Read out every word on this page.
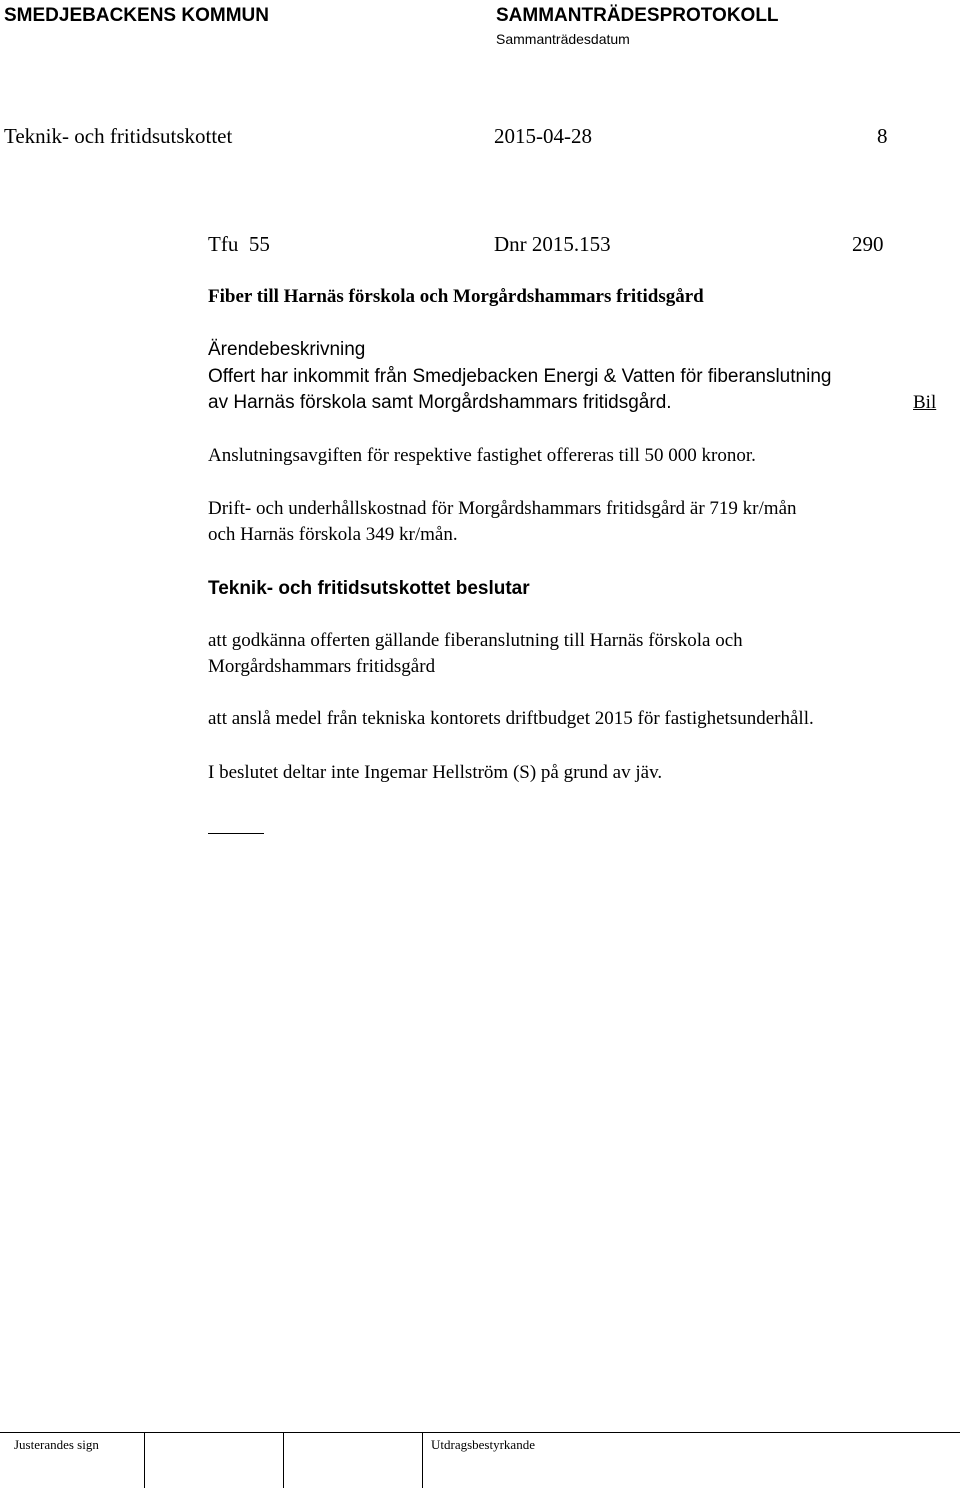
SMEDJEBACKENS KOMMUN	SAMMANTRÄDESPROTOKOLL
Sammanträdesdatum
Teknik- och fritidsutskottet	2015-04-28	8
Tfu  55	Dnr 2015.153	290
Fiber till Harnäs förskola och Morgårdshammars fritidsgård
Ärendebeskrivning
Offert har inkommit från Smedjebacken Energi & Vatten för fiberanslutning
av Harnäs förskola samt Morgårdshammars fritidsgård.	Bil
Anslutningsavgiften för respektive fastighet offereras till 50 000 kronor.
Drift- och underhållskostnad för Morgårdshammars fritidsgård är 719 kr/mån
och Harnäs förskola 349 kr/mån.
Teknik- och fritidsutskottet beslutar
att godkänna offerten gällande fiberanslutning till Harnäs förskola och
Morgårdshammars fritidsgård
att anslå medel från tekniska kontorets driftbudget 2015 för fastighetsunderhåll.
I beslutet deltar inte Ingemar Hellström (S) på grund av jäv.
Justerandes sign	Utdragsbestyrkande
